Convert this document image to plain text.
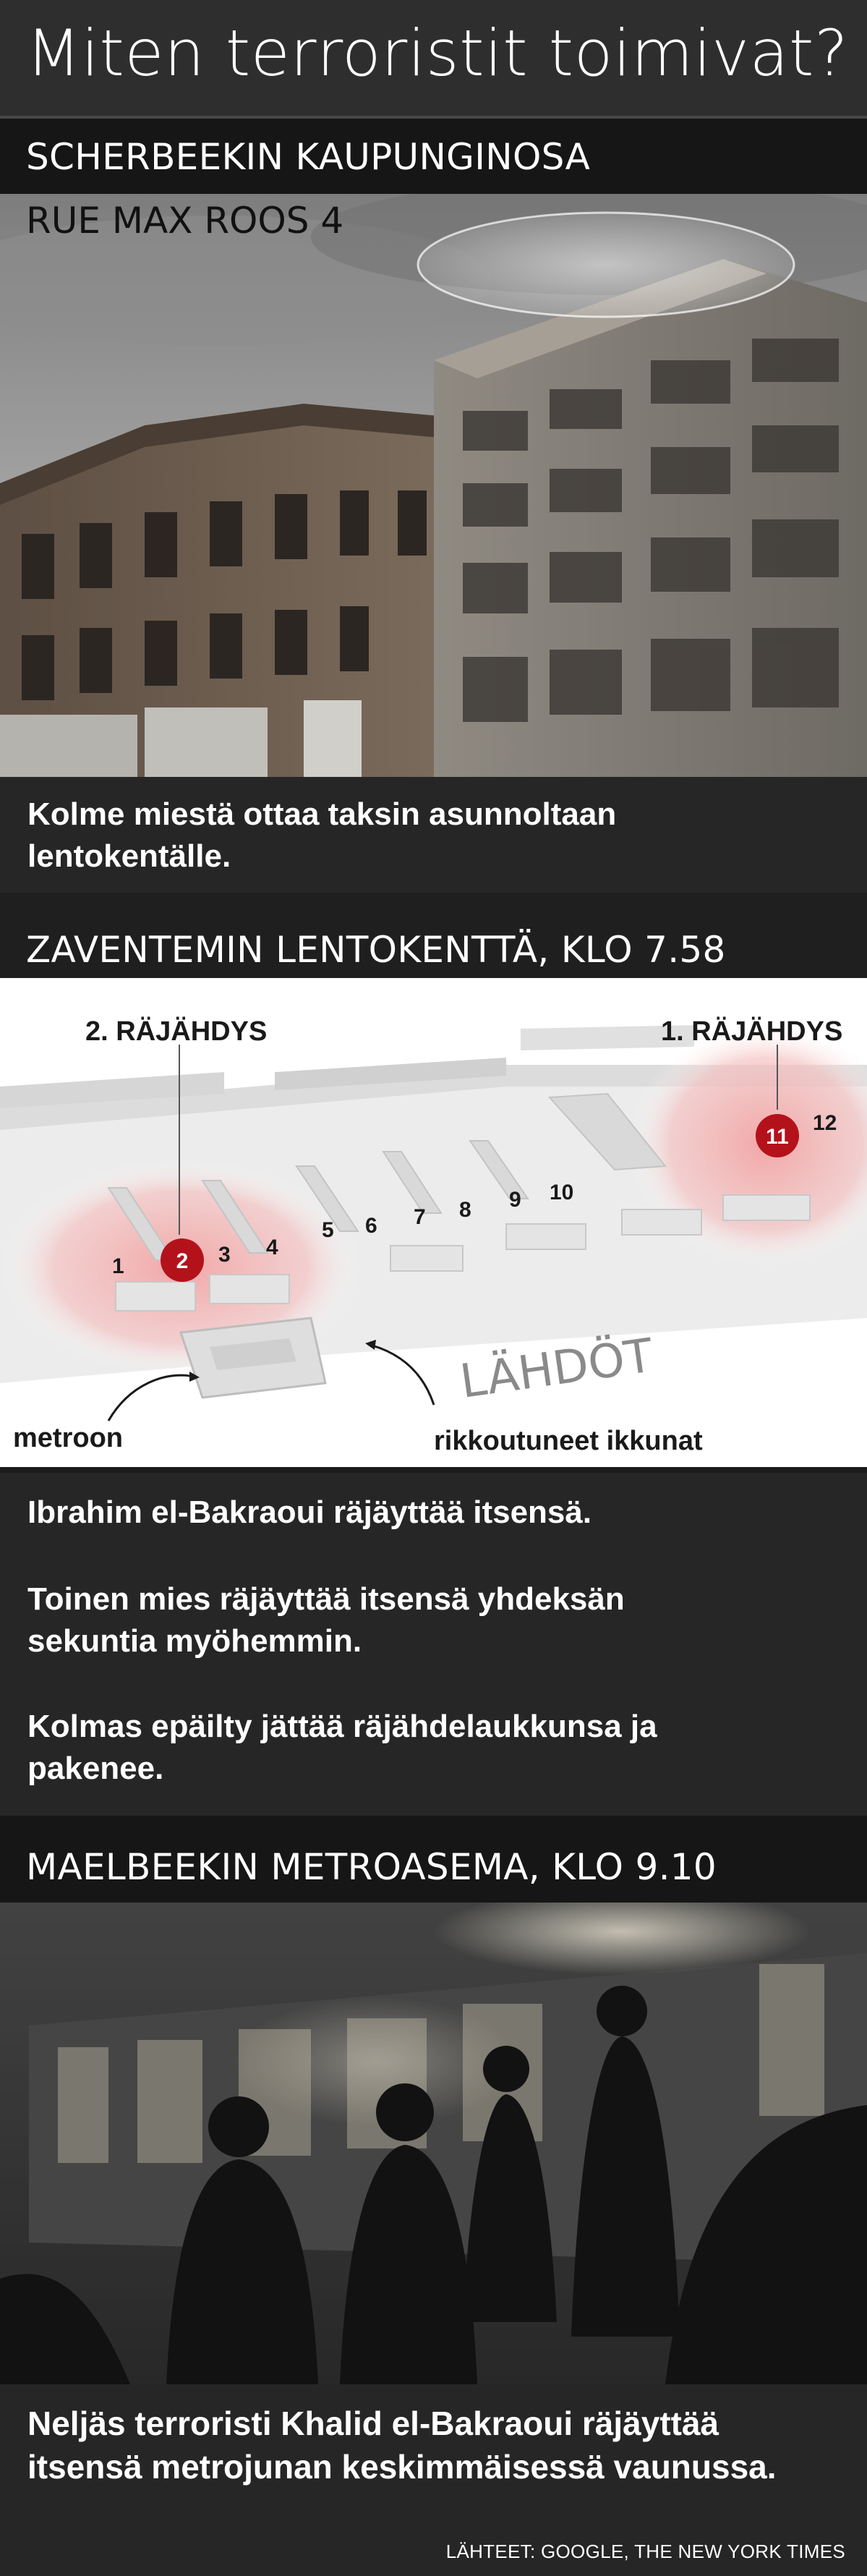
Miten terroristit toimivat?
SCHERBEEKIN KAUPUNGINOSA
RUE MAX ROOS 4

Kolme miestä ottaa taksin asunnoltaan

lentokentälle.

ZAVENTEMIN LENTOKENTTÄ, KLO 7.58
1	3 4
5 6 7 8 9 10
12
2
11
2. RÄJÄHDYS	1. RÄJÄHDYS
LÄHDÖT
metroon	rikkoutuneet ikkunat

Ibrahim el-Bakraoui räjäyttää itsensä.

Toinen mies räjäyttää itsensä yhdeksän

sekuntia myöhemmin.

Kolmas epäilty jättää räjähdelaukkunsa ja

pakenee.

MAELBEEKIN METROASEMA, KLO 9.10

Neljäs terroristi Khalid el-Bakraoui räjäyttää

itsensä metrojunan keskimmäisessä vaunussa.

LÄHTEET: GOOGLE, THE NEW YORK TIMES
